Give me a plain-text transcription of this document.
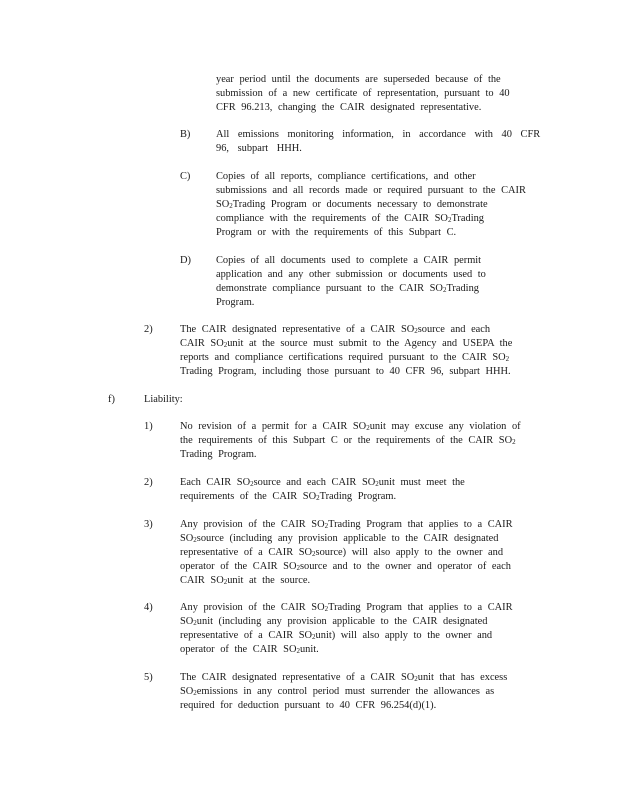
year period until the documents are superseded because of the
submission of a new certificate of representation, pursuant to 40
CFR 96.213, changing the CAIR designated representative.
B) All emissions monitoring information, in accordance with 40 CFR
96, subpart HHH.
C) Copies of all reports, compliance certifications, and other
submissions and all records made or required pursuant to the CAIR
SO2Trading Program or documents necessary to demonstrate
compliance with the requirements of the CAIR SO2Trading
Program or with the requirements of this Subpart C.
D) Copies of all documents used to complete a CAIR permit
application and any other submission or documents used to
demonstrate compliance pursuant to the CAIR SO2Trading
Program.
2)	The CAIR designated representative of a CAIR SO2source and each
CAIR SO2unit at the source must submit to the Agency and USEPA the
reports and compliance certifications required pursuant to the CAIR SO2
Trading Program, including those pursuant to 40 CFR 96, subpart HHH.
f)	Liability:
1)	No revision of a permit for a CAIR SO2unit may excuse any violation of
the requirements of this Subpart C or the requirements of the CAIR SO2
Trading Program.
2)	Each CAIR SO2source and each CAIR SO2unit must meet the
requirements of the CAIR SO2Trading Program.
3)	Any provision of the CAIR SO2Trading Program that applies to a CAIR
SO2source (including any provision applicable to the CAIR designated
representative of a CAIR SO2source) will also apply to the owner and
operator of the CAIR SO2source and to the owner and operator of each
CAIR SO2unit at the source.
4)	Any provision of the CAIR SO2Trading Program that applies to a CAIR
SO2unit (including any provision applicable to the CAIR designated
representative of a CAIR SO2unit) will also apply to the owner and
operator of the CAIR SO2unit.
5)	The CAIR designated representative of a CAIR SO2unit that has excess
SO2emissions in any control period must surrender the allowances as
required for deduction pursuant to 40 CFR 96.254(d)(1).
